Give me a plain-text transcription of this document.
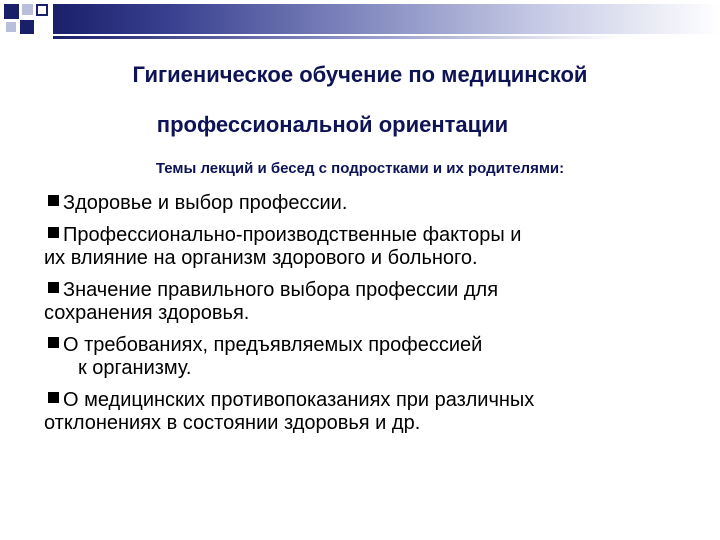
Гигиеническое обучение по медицинской
профессиональной ориентации
Темы лекций и бесед с подростками и их родителями:
Здоровье и выбор профессии.
Профессионально-производственные факторы и
их влияние на организм здорового и больного.
Значение правильного выбора профессии для
сохранения здоровья.
О требованиях, предъявляемых профессией
к организму.
О медицинских противопоказаниях при различных
отклонениях в состоянии здоровья и др.
